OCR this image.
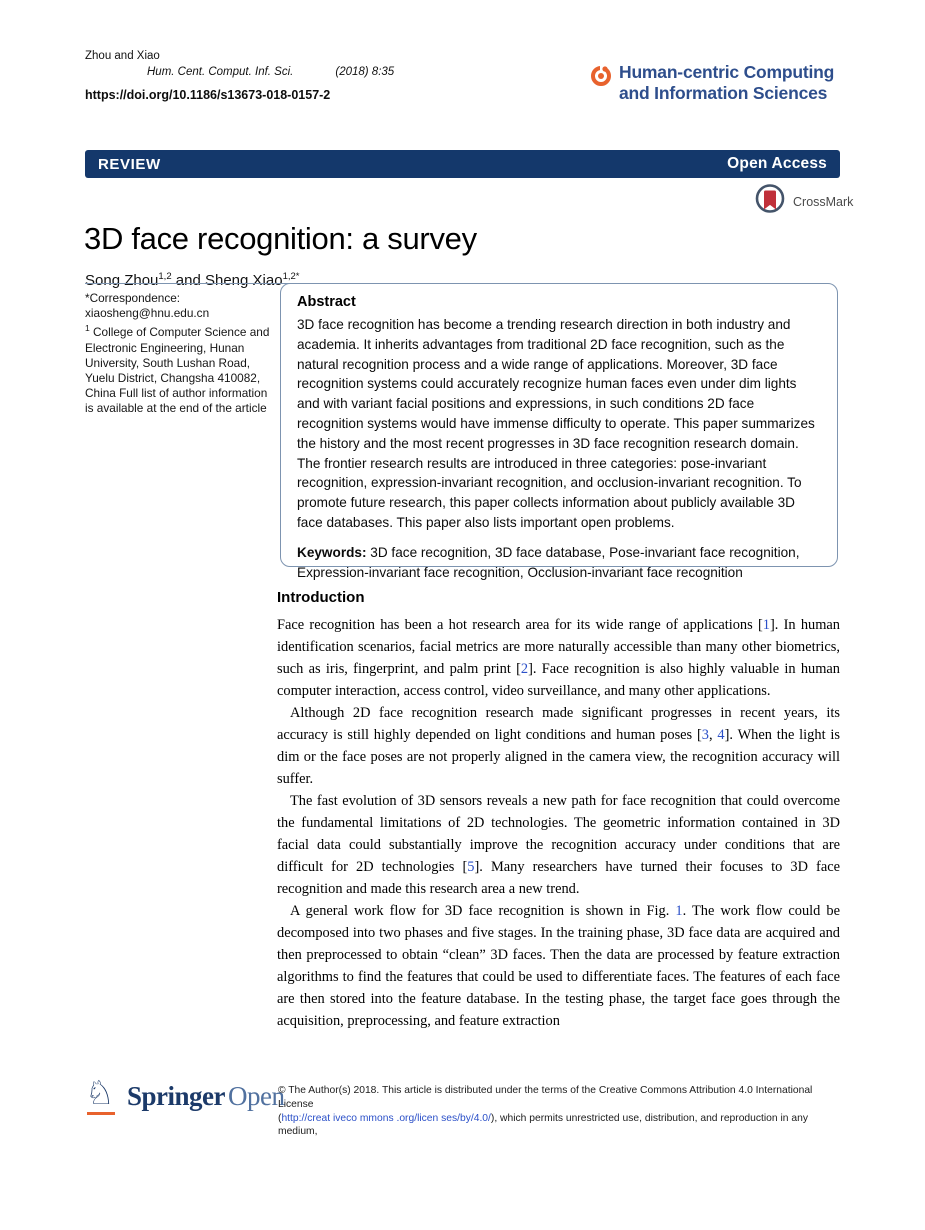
Zhou and Xiao
Hum. Cent. Comput. Inf. Sci.	(2018) 8:35
https://doi.org/10.1186/s13673-018-0157-2
Human-centric Computing
and Information Sciences
REVIEW	Open Access
CrossMark
3D face recognition: a survey
Song Zhou$^{1,2}$ and Sheng Xiao$^{1,2*}$
*Correspondence:
xiaosheng@hnu.edu.cn
$^1$ College of Computer Science and Electronic Engineering, Hunan University, South Lushan Road, Yuelu District, Changsha 410082, China Full list of author information is available at the end of the article
Abstract

3D face recognition has become a trending research direction in both industry and academia. It inherits advantages from traditional 2D face recognition, such as the natural recognition process and a wide range of applications. Moreover, 3D face recognition systems could accurately recognize human faces even under dim lights and with variant facial positions and expressions, in such conditions 2D face recognition systems would have immense difficulty to operate. This paper summarizes the history and the most recent progresses in 3D face recognition research domain. The frontier research results are introduced in three categories: pose-invariant recognition, expression-invariant recognition, and occlusion-invariant recognition. To promote future research, this paper collects information about publicly available 3D face databases. This paper also lists important open problems.

Keywords: 3D face recognition, 3D face database, Pose-invariant face recognition, Expression-invariant face recognition, Occlusion-invariant face recognition

Introduction

Face recognition has been a hot research area for its wide range of applications [1]. In human identification scenarios, facial metrics are more naturally accessible than many other biometrics, such as iris, fingerprint, and palm print [2]. Face recognition is also highly valuable in human computer interaction, access control, video surveillance, and many other applications.

Although 2D face recognition research made significant progresses in recent years, its accuracy is still highly depended on light conditions and human poses [3, 4]. When the light is dim or the face poses are not properly aligned in the camera view, the recognition accuracy will suffer.

The fast evolution of 3D sensors reveals a new path for face recognition that could overcome the fundamental limitations of 2D technologies. The geometric information contained in 3D facial data could substantially improve the recognition accuracy under conditions that are difficult for 2D technologies [5]. Many researchers have turned their focuses to 3D face recognition and made this research area a new trend.

A general work flow for 3D face recognition is shown in Fig. 1. The work flow could be decomposed into two phases and five stages. In the training phase, 3D face data are acquired and then preprocessed to obtain “clean” 3D faces. Then the data are processed by feature extraction algorithms to find the features that could be used to differentiate faces. The features of each face are then stored into the feature database. In the testing phase, the target face goes through the acquisition, preprocessing, and feature extraction

♘ Springer Open
© The Author(s) 2018. This article is distributed under the terms of the Creative Commons Attribution 4.0 International License
(http://creat iveco mmons .org/licen ses/by/4.0/), which permits unrestricted use, distribution, and reproduction in any medium,
